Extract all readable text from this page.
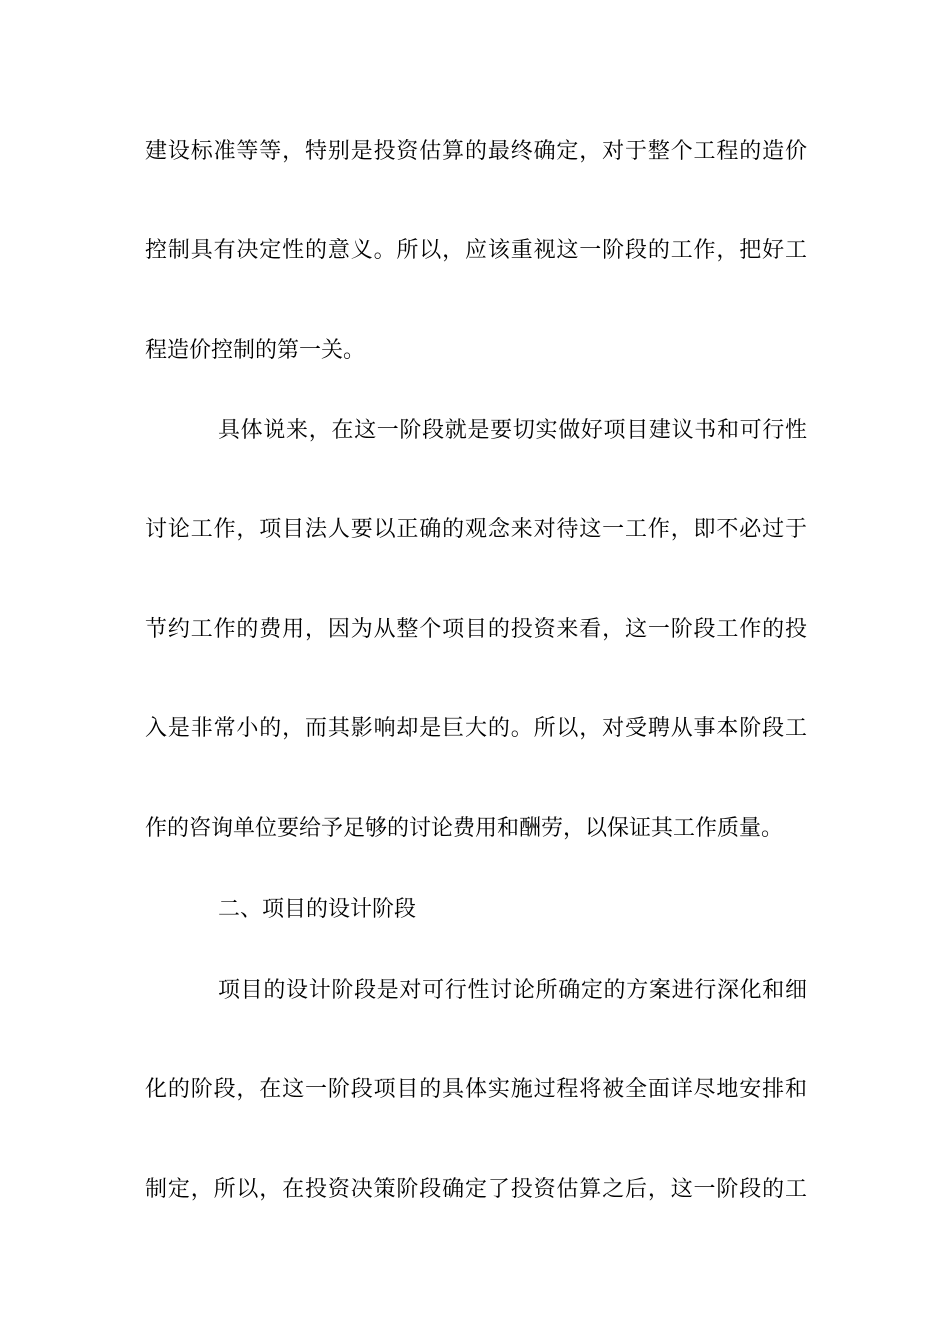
建设标准等等，特别是投资估算的最终确定，对于整个工程的造价
控制具有决定性的意义。所以，应该重视这一阶段的工作，把好工
程造价控制的第一关。
具体说来，在这一阶段就是要切实做好项目建议书和可行性
讨论工作，项目法人要以正确的观念来对待这一工作，即不必过于
节约工作的费用，因为从整个项目的投资来看，这一阶段工作的投
入是非常小的，而其影响却是巨大的。所以，对受聘从事本阶段工
作的咨询单位要给予足够的讨论费用和酬劳，以保证其工作质量。
二、项目的设计阶段
项目的设计阶段是对可行性讨论所确定的方案进行深化和细
化的阶段，在这一阶段项目的具体实施过程将被全面详尽地安排和
制定，所以，在投资决策阶段确定了投资估算之后，这一阶段的工
